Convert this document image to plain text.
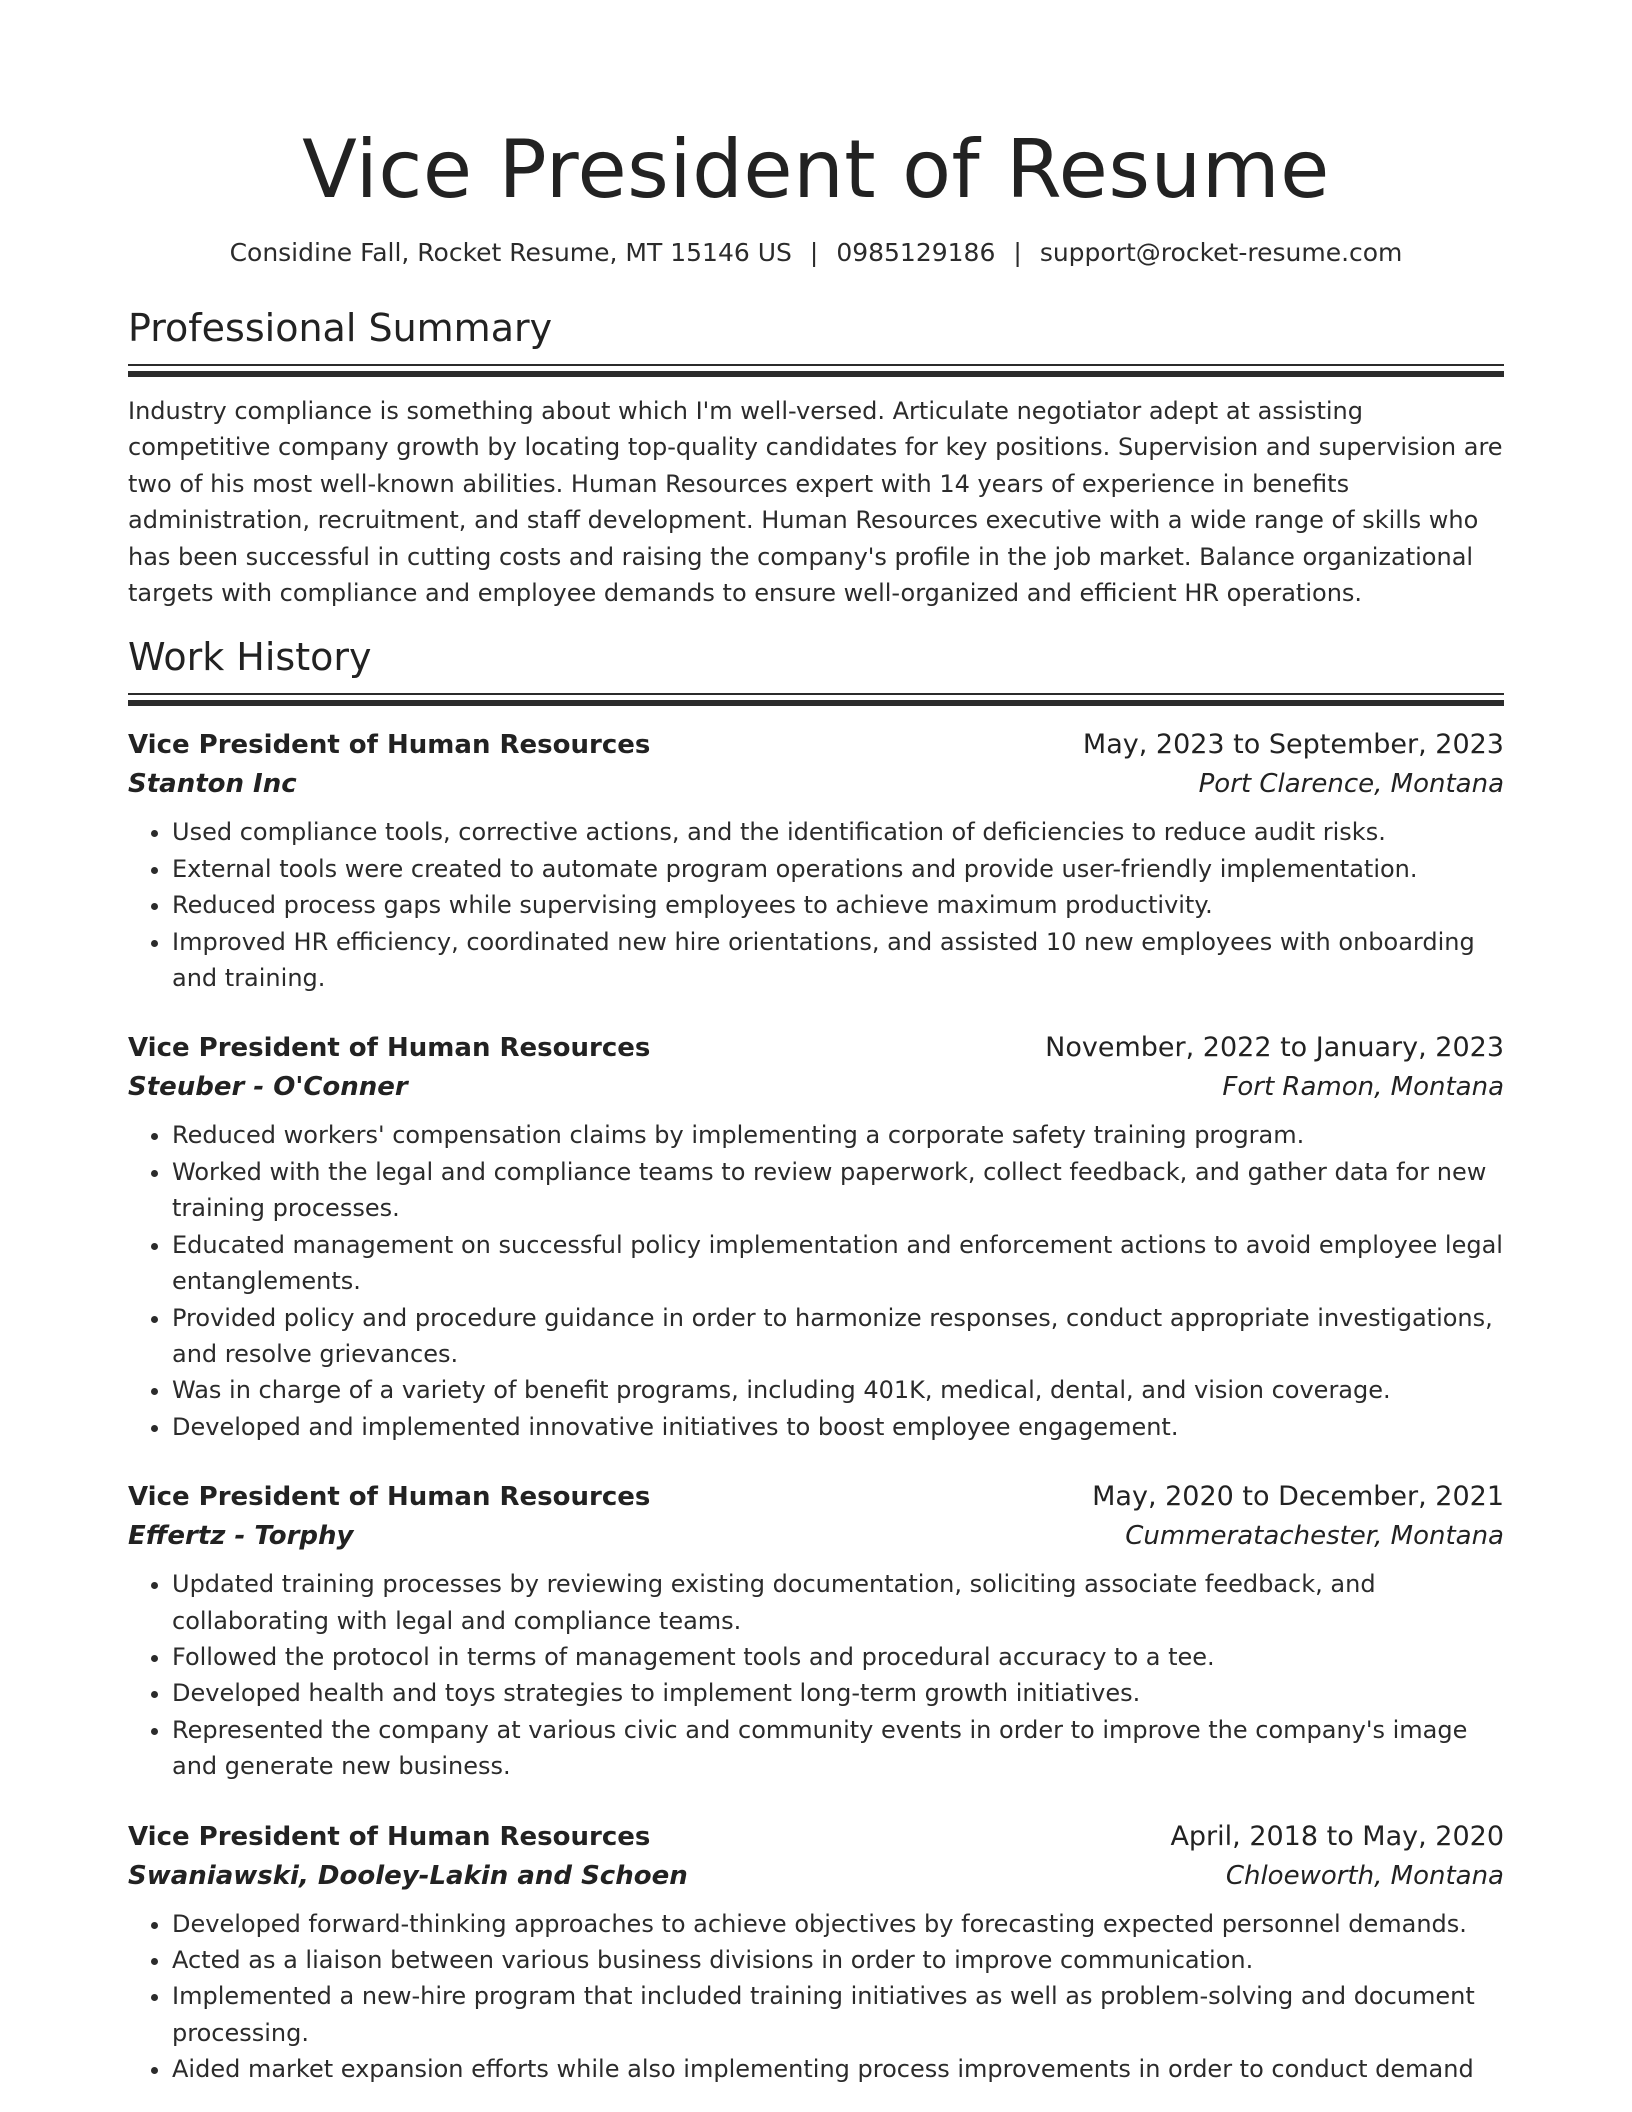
Vice President of Resume
Considine Fall, Rocket Resume, MT 15146 US | 0985129186 | support@rocket-resume.com
Professional Summary

Industry compliance is something about which I'm well-versed. Articulate negotiator adept at assisting competitive company growth by locating top-quality candidates for key positions. Supervision and supervision are two of his most well-known abilities. Human Resources expert with 14 years of experience in benefits administration, recruitment, and staff development. Human Resources executive with a wide range of skills who has been successful in cutting costs and raising the company's profile in the job market. Balance organizational targets with compliance and employee demands to ensure well-organized and efficient HR operations.

Work History
Vice President of Human Resources	May, 2023 to September, 2023
Stanton Inc	Port Clarence, Montana
• Used compliance tools, corrective actions, and the identification of deficiencies to reduce audit risks.
• External tools were created to automate program operations and provide user-friendly implementation.
• Reduced process gaps while supervising employees to achieve maximum productivity.
• Improved HR efficiency, coordinated new hire orientations, and assisted 10 new employees with onboarding and training.
Vice President of Human Resources	November, 2022 to January, 2023
Steuber - O'Conner	Fort Ramon, Montana
• Reduced workers' compensation claims by implementing a corporate safety training program.
• Worked with the legal and compliance teams to review paperwork, collect feedback, and gather data for new training processes.
• Educated management on successful policy implementation and enforcement actions to avoid employee legal entanglements.
• Provided policy and procedure guidance in order to harmonize responses, conduct appropriate investigations, and resolve grievances.
• Was in charge of a variety of benefit programs, including 401K, medical, dental, and vision coverage.
• Developed and implemented innovative initiatives to boost employee engagement.
Vice President of Human Resources	May, 2020 to December, 2021
Effertz - Torphy	Cummeratachester, Montana
• Updated training processes by reviewing existing documentation, soliciting associate feedback, and collaborating with legal and compliance teams.
• Followed the protocol in terms of management tools and procedural accuracy to a tee.
• Developed health and toys strategies to implement long-term growth initiatives.
• Represented the company at various civic and community events in order to improve the company's image and generate new business.
Vice President of Human Resources	April, 2018 to May, 2020
Swaniawski, Dooley-Lakin and Schoen	Chloeworth, Montana
• Developed forward-thinking approaches to achieve objectives by forecasting expected personnel demands.
• Acted as a liaison between various business divisions in order to improve communication.
• Implemented a new-hire program that included training initiatives as well as problem-solving and document processing.
• Aided market expansion efforts while also implementing process improvements in order to conduct demand
